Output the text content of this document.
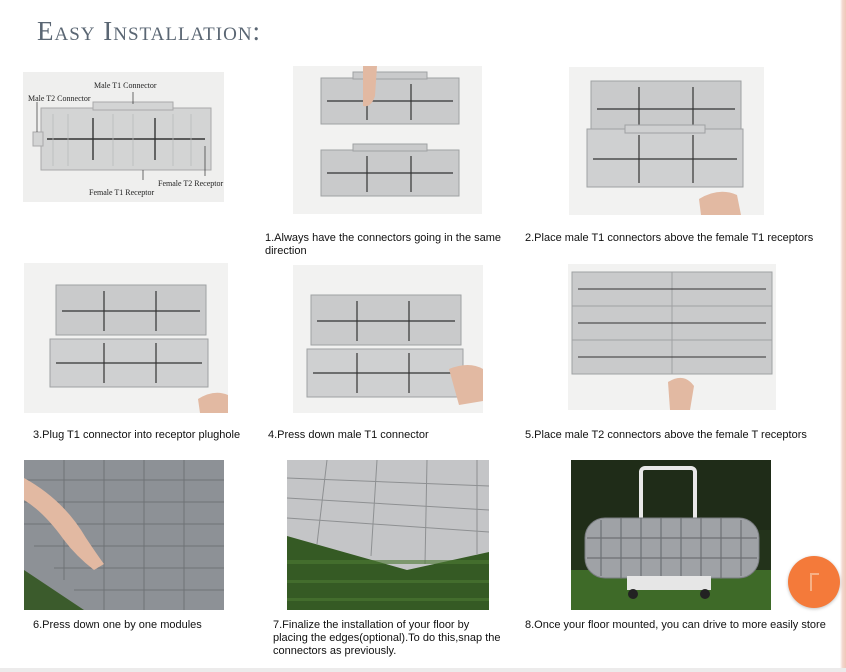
Easy Installation:
Male T1 Connector
Male T2 Connector
Female T1 Receptor
Female T2 Receptor
1.Always have the connectors going in the same direction
2.Place male T1 connectors above the female T1 receptors
3.Plug T1 connector into receptor plughole	4.Press down male T1 connector	5.Place male T2 connectors above the female T receptors
6.Press down one by one modules	7.Finalize the installation of your floor by placing the edges(optional).To do this,snap the connectors as previously.
8.Once your floor mounted, you can drive to more easily store
